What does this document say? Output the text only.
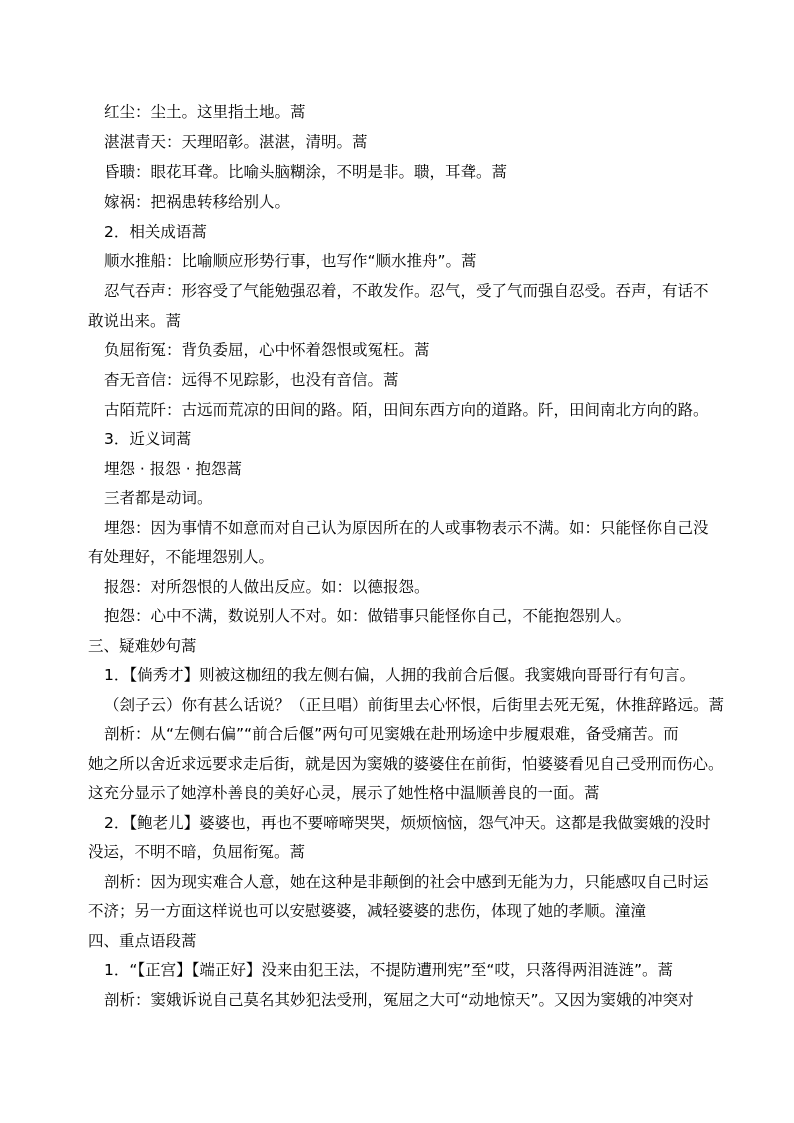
红尘：尘土。这里指土地。蒿
湛湛青天：天理昭彰。湛湛，清明。蒿
昏聩：眼花耳聋。比喻头脑糊涂，不明是非。聩，耳聋。蒿
嫁祸：把祸患转移给别人。
2．相关成语蒿
顺水推船：比喻顺应形势行事，也写作“顺水推舟”。蒿
忍气吞声：形容受了气能勉强忍着，不敢发作。忍气，受了气而强自忍受。吞声，有话不
敢说出来。蒿
负屈衔冤：背负委屈，心中怀着怨恨或冤枉。蒿
杳无音信：远得不见踪影，也没有音信。蒿
古陌荒阡：古远而荒凉的田间的路。陌，田间东西方向的道路。阡，田间南北方向的路。
3．近义词蒿
埋怨 · 报怨 · 抱怨蒿
三者都是动词。
埋怨：因为事情不如意而对自己认为原因所在的人或事物表示不满。如：只能怪你自己没
有处理好，不能埋怨别人。
报怨：对所怨恨的人做出反应。如：以德报怨。
抱怨：心中不满，数说别人不对。如：做错事只能怪你自己，不能抱怨别人。
三、疑难妙句蒿
1．【倘秀才】则被这枷纽的我左侧右偏，人拥的我前合后偃。我窦娥向哥哥行有句言。
（刽子云）你有甚么话说？（正旦唱）前街里去心怀恨，后街里去死无冤，休推辞路远。蒿
剖析：从“左侧右偏”“前合后偃”两句可见窦娥在赴刑场途中步履艰难，备受痛苦。而
她之所以舍近求远要求走后街，就是因为窦娥的婆婆住在前街，怕婆婆看见自己受刑而伤心。
这充分显示了她淳朴善良的美好心灵，展示了她性格中温顺善良的一面。蒿
2．【鲍老儿】婆婆也，再也不要啼啼哭哭，烦烦恼恼，怨气冲天。这都是我做窦娥的没时
没运，不明不暗，负屈衔冤。蒿
剖析：因为现实难合人意，她在这种是非颠倒的社会中感到无能为力，只能感叹自己时运
不济；另一方面这样说也可以安慰婆婆，减轻婆婆的悲伤，体现了她的孝顺。潼潼
四、重点语段蒿
1．“【正宫】【端正好】没来由犯王法，不提防遭刑宪”至“哎，只落得两泪涟涟”。蒿
剖析：窦娥诉说自己莫名其妙犯法受刑，冤屈之大可“动地惊天”。又因为窦娥的冲突对
